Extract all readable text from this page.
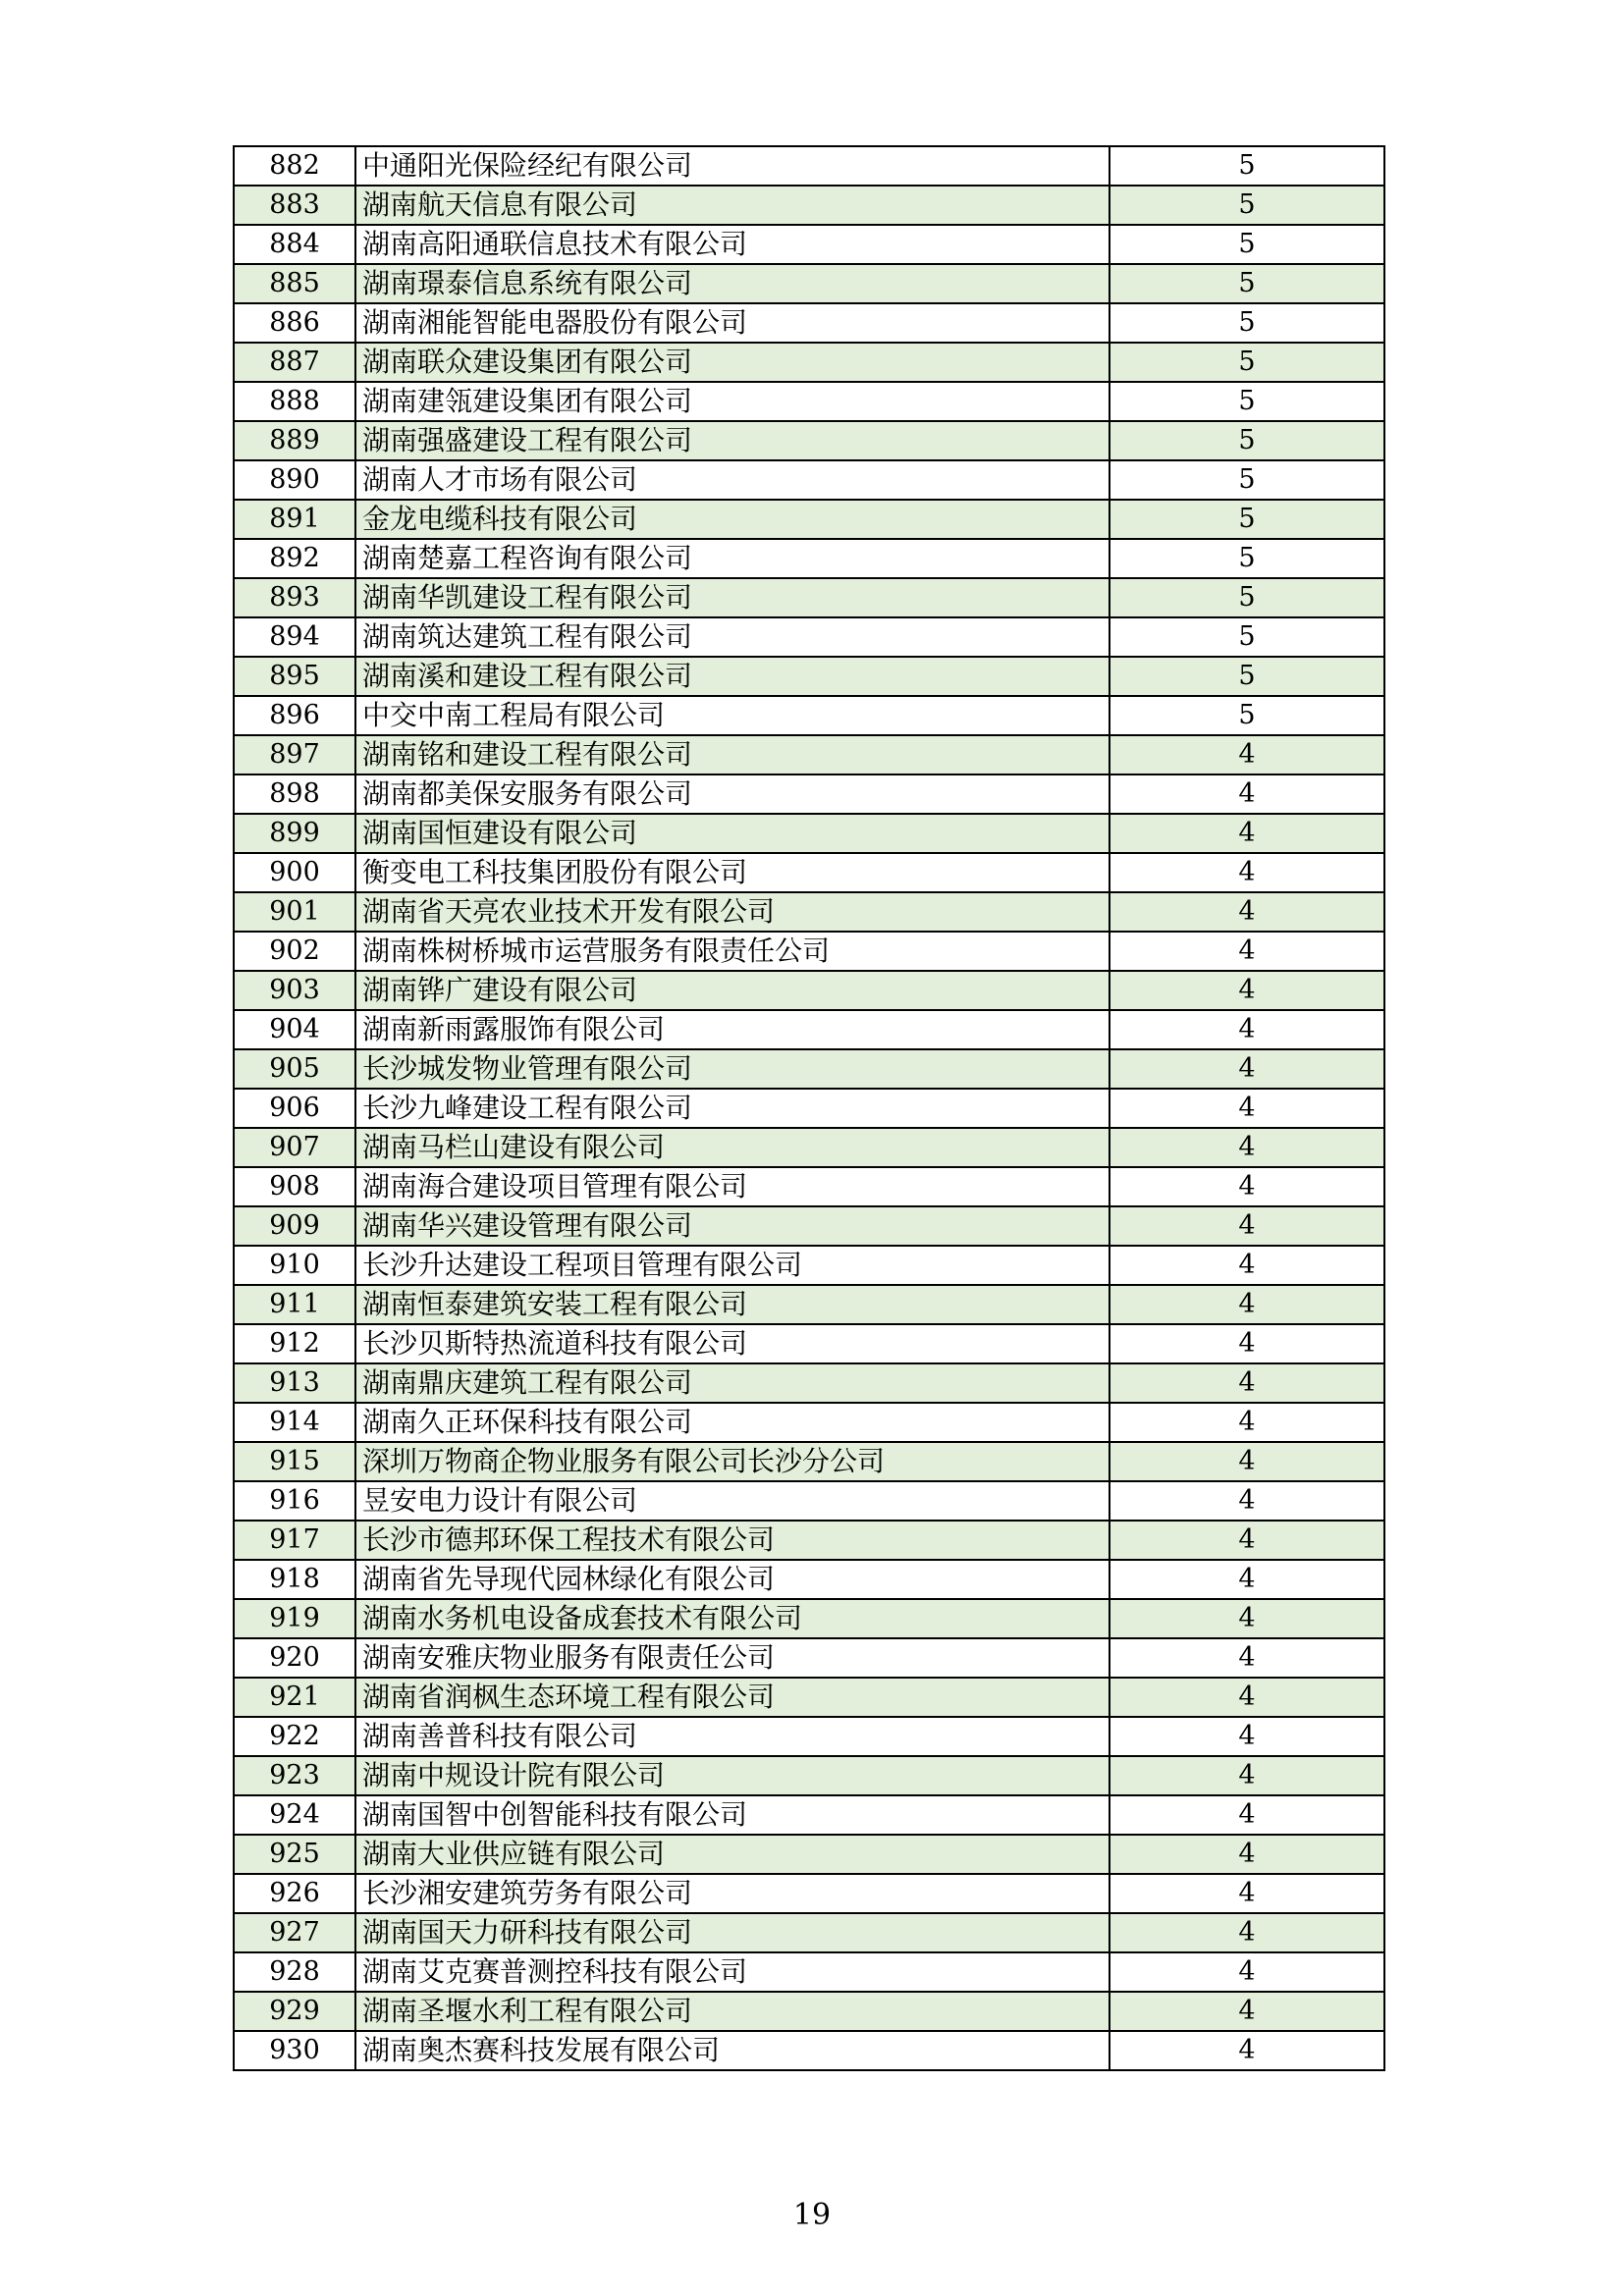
882	中通阳光保险经纪有限公司	5
883	湖南航天信息有限公司	5
884	湖南高阳通联信息技术有限公司	5
885	湖南璟泰信息系统有限公司	5
886	湖南湘能智能电器股份有限公司	5
887	湖南联众建设集团有限公司	5
888	湖南建瓴建设集团有限公司	5
889	湖南强盛建设工程有限公司	5
890	湖南人才市场有限公司	5
891	金龙电缆科技有限公司	5
892	湖南楚嘉工程咨询有限公司	5
893	湖南华凯建设工程有限公司	5
894	湖南筑达建筑工程有限公司	5
895	湖南溪和建设工程有限公司	5
896	中交中南工程局有限公司	5
897	湖南铭和建设工程有限公司	4
898	湖南都美保安服务有限公司	4
899	湖南国恒建设有限公司	4
900	衡变电工科技集团股份有限公司	4
901	湖南省天亮农业技术开发有限公司	4
902	湖南株树桥城市运营服务有限责任公司	4
903	湖南铧广建设有限公司	4
904	湖南新雨露服饰有限公司	4
905	长沙城发物业管理有限公司	4
906	长沙九峰建设工程有限公司	4
907	湖南马栏山建设有限公司	4
908	湖南海合建设项目管理有限公司	4
909	湖南华兴建设管理有限公司	4
910	长沙升达建设工程项目管理有限公司	4
911	湖南恒泰建筑安装工程有限公司	4
912	长沙贝斯特热流道科技有限公司	4
913	湖南鼎庆建筑工程有限公司	4
914	湖南久正环保科技有限公司	4
915	深圳万物商企物业服务有限公司长沙分公司	4
916	昱安电力设计有限公司	4
917	长沙市德邦环保工程技术有限公司	4
918	湖南省先导现代园林绿化有限公司	4
919	湖南水务机电设备成套技术有限公司	4
920	湖南安雅庆物业服务有限责任公司	4
921	湖南省润枫生态环境工程有限公司	4
922	湖南善普科技有限公司	4
923	湖南中规设计院有限公司	4
924	湖南国智中创智能科技有限公司	4
925	湖南大业供应链有限公司	4
926	长沙湘安建筑劳务有限公司	4
927	湖南国天力研科技有限公司	4
928	湖南艾克赛普测控科技有限公司	4
929	湖南圣堰水利工程有限公司	4
930	湖南奥杰赛科技发展有限公司	4
19
